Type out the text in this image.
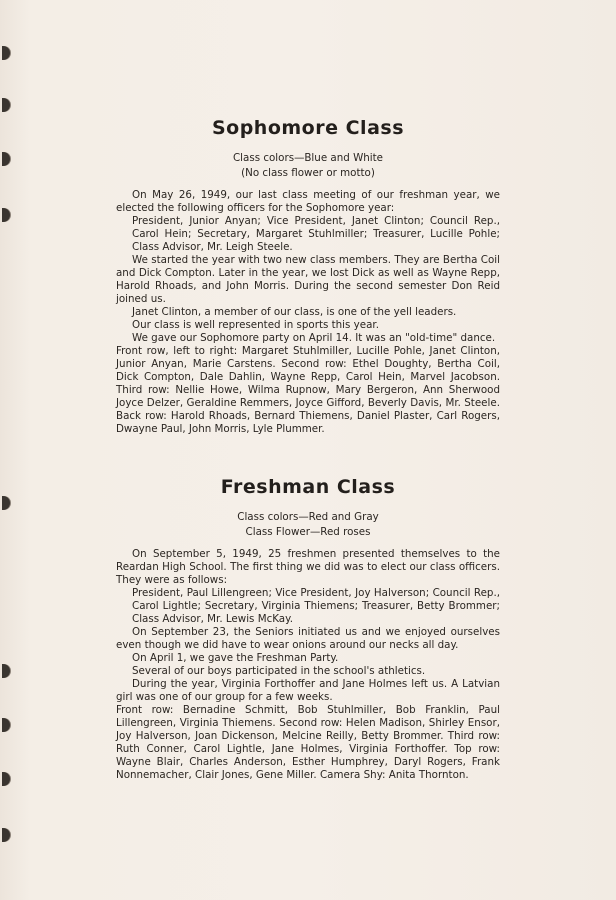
Sophomore Class
Class colors—Blue and White
(No class flower or motto)

On May 26, 1949, our last class meeting of our freshman year, we elected the following officers for the Sophomore year:

President, Junior Anyan; Vice President, Janet Clinton; Council Rep., Carol Hein; Secretary, Margaret Stuhlmiller; Treasurer, Lucille Pohle; Class Advisor, Mr. Leigh Steele.

We started the year with two new class members. They are Bertha Coil and Dick Compton. Later in the year, we lost Dick as well as Wayne Repp, Harold Rhoads, and John Morris. During the second semester Don Reid joined us.

Janet Clinton, a member of our class, is one of the yell leaders.

Our class is well represented in sports this year.

We gave our Sophomore party on April 14. It was an "old-time" dance.

Front row, left to right: Margaret Stuhlmiller, Lucille Pohle, Janet Clinton, Junior Anyan, Marie Carstens. Second row: Ethel Doughty, Bertha Coil, Dick Compton, Dale Dahlin, Wayne Repp, Carol Hein, Marvel Jacobson. Third row: Nellie Howe, Wilma Rupnow, Mary Bergeron, Ann Sherwood Joyce Delzer, Geraldine Remmers, Joyce Gifford, Beverly Davis, Mr. Steele. Back row: Harold Rhoads, Bernard Thiemens, Daniel Plaster, Carl Rogers, Dwayne Paul, John Morris, Lyle Plummer.

Freshman Class
Class colors—Red and Gray
Class Flower—Red roses

On September 5, 1949, 25 freshmen presented themselves to the Reardan High School. The first thing we did was to elect our class officers. They were as follows:

President, Paul Lillengreen; Vice President, Joy Halverson; Council Rep., Carol Lightle; Secretary, Virginia Thiemens; Treasurer, Betty Brommer; Class Advisor, Mr. Lewis McKay.

On September 23, the Seniors initiated us and we enjoyed ourselves even though we did have to wear onions around our necks all day.

On April 1, we gave the Freshman Party.

Several of our boys participated in the school's athletics.

During the year, Virginia Forthoffer and Jane Holmes left us. A Latvian girl was one of our group for a few weeks.

Front row: Bernadine Schmitt, Bob Stuhlmiller, Bob Franklin, Paul Lillengreen, Virginia Thiemens. Second row: Helen Madison, Shirley Ensor, Joy Halverson, Joan Dickenson, Melcine Reilly, Betty Brommer. Third row: Ruth Conner, Carol Lightle, Jane Holmes, Virginia Forthoffer. Top row: Wayne Blair, Charles Anderson, Esther Humphrey, Daryl Rogers, Frank Nonnemacher, Clair Jones, Gene Miller. Camera Shy: Anita Thornton.
